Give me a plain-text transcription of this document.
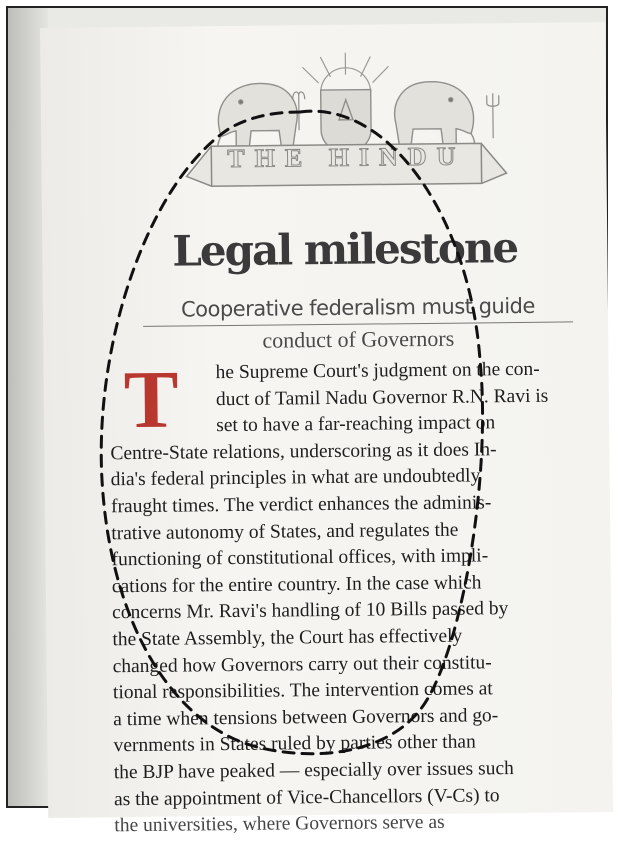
THE HINDU
Legal milestone
Cooperative federalism must guide
conduct of Governors
T	he Supreme Court's judgment on the con-
duct of Tamil Nadu Governor R.N. Ravi is
set to have a far-reaching impact on
Centre-State relations, underscoring as it does In-
dia's federal principles in what are undoubtedly
fraught times. The verdict enhances the adminis-
trative autonomy of States, and regulates the
functioning of constitutional offices, with impli-
cations for the entire country. In the case which
concerns Mr. Ravi's handling of 10 Bills passed by
the State Assembly, the Court has effectively
changed how Governors carry out their constitu-
tional responsibilities. The intervention comes at
a time when tensions between Governors and go-
vernments in States ruled by parties other than
the BJP have peaked — especially over issues such
as the appointment of Vice-Chancellors (V-Cs) to
the universities, where Governors serve as
